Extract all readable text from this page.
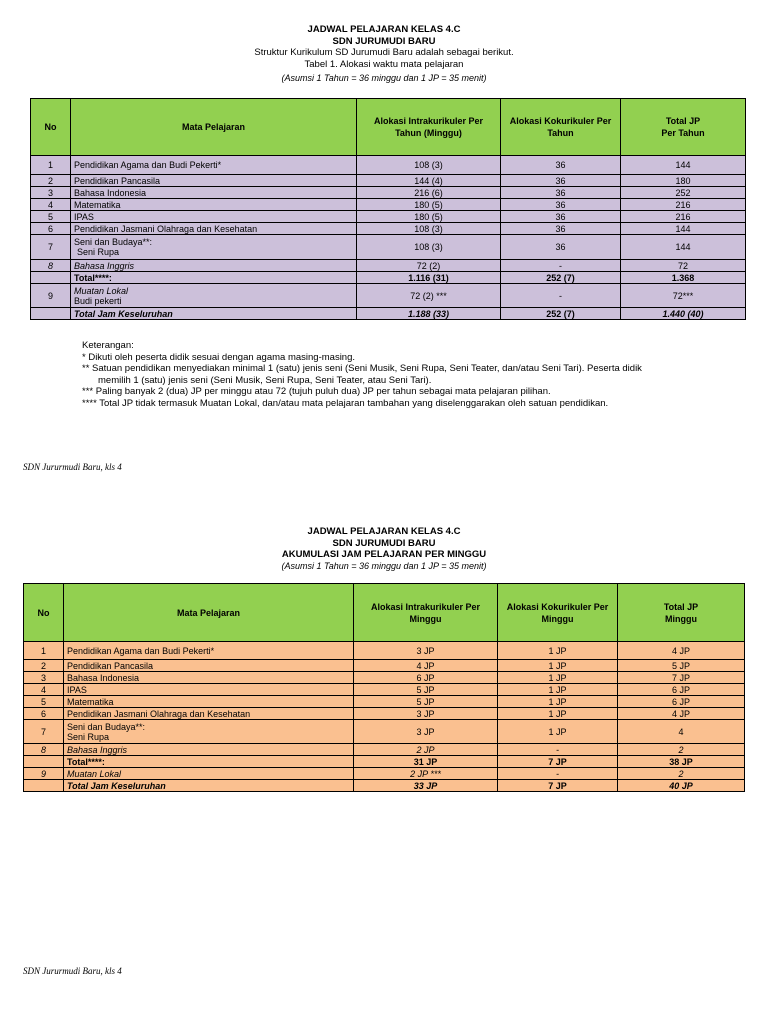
JADWAL PELAJARAN KELAS 4.C
SDN JURUMUDI BARU
Struktur Kurikulum SD Jurumudi Baru adalah sebagai berikut.
Tabel 1. Alokasi waktu mata pelajaran
(Asumsi 1 Tahun = 36 minggu dan 1 JP = 35 menit)
No	Mata Pelajaran	Alokasi Intrakurikuler Per Tahun (Minggu)	Alokasi Kokurikuler Per Tahun	Total JP
Per Tahun

1	Pendidikan Agama dan Budi Pekerti*	108 (3)	36	144
2	Pendidikan Pancasila	144 (4)	36	180
3	Bahasa Indonesia	216 (6)	36	252
4	Matematika	180 (5)	36	216
5	IPAS	180 (5)	36	216
6	Pendidikan Jasmani Olahraga dan Kesehatan	108 (3)	36	144
7	Seni dan Budaya**:
Seni Rupa	108 (3)	36	144
8	Bahasa Inggris	72 (2)	-	72
	Total****:	1.116 (31)	252 (7)	1.368
9	Muatan Lokal
Budi pekerti	72 (2) ***	-	72***
	Total Jam Keseluruhan	1.188 (33)	252 (7)	1.440 (40)
Keterangan:
* Dikuti oleh peserta didik sesuai dengan agama masing-masing.
** Satuan pendidikan menyediakan minimal 1 (satu) jenis seni (Seni Musik, Seni Rupa, Seni Teater, dan/atau Seni Tari). Peserta didik
memilih 1 (satu) jenis seni (Seni Musik, Seni Rupa, Seni Teater, atau Seni Tari).
*** Paling banyak 2 (dua) JP per minggu atau 72 (tujuh puluh dua) JP per tahun sebagai mata pelajaran pilihan.
**** Total JP tidak termasuk Muatan Lokal, dan/atau mata pelajaran tambahan yang diselenggarakan oleh satuan pendidikan.
SDN Jururmudi Baru, kls 4
JADWAL PELAJARAN KELAS 4.C
SDN JURUMUDI BARU
AKUMULASI JAM PELAJARAN PER MINGGU
(Asumsi 1 Tahun = 36 minggu dan 1 JP = 35 menit)
No	Mata Pelajaran	Alokasi Intrakurikuler Per Minggu	Alokasi Kokurikuler Per Minggu	Total JP
Minggu

1	Pendidikan Agama dan Budi Pekerti*	3 JP	1 JP	4 JP
2	Pendidikan Pancasila	4 JP	1 JP	5 JP
3	Bahasa Indonesia	6 JP	1 JP	7 JP
4	IPAS	5 JP	1 JP	6 JP
5	Matematika	5 JP	1 JP	6 JP
6	Pendidikan Jasmani Olahraga dan Kesehatan	3 JP	1 JP	4 JP
7	Seni dan Budaya**:
Seni Rupa	3 JP	1 JP	4
8	Bahasa Inggris	2 JP	-	2
	Total****:	31 JP	7 JP	38 JP
9	Muatan Lokal	2 JP ***	-	2
	Total Jam Keseluruhan	33 JP	7 JP	40 JP
SDN Jururmudi Baru, kls 4
